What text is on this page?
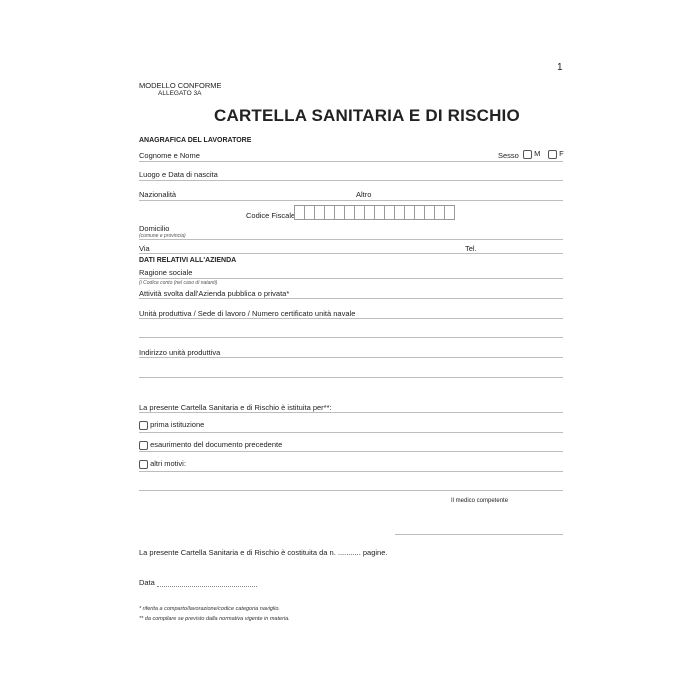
1
MODELLO CONFORME
ALLEGATO 3A
CARTELLA SANITARIA E DI RISCHIO
ANAGRAFICA DEL LAVORATORE
Cognome e Nome	Sesso	M	F
Luogo e Data di nascita
Nazionalità	Altro
Codice Fiscale
Domicilio
(comune e provincia)
Via	Tel.
DATI RELATIVI ALL'AZIENDA
Ragione sociale
(i Codice conto (nel caso di natanti)
Attività svolta dall'Azienda pubblica o privata*
Unità produttiva / Sede di lavoro / Numero certificato unità navale
Indirizzo unità produttiva
La presente Cartella Sanitaria e di Rischio è istituita per**:
prima istituzione
esaurimento del documento precedente
altri motivi:
Il medico competente
La presente Cartella Sanitaria e di Rischio è costituita da n. ........... pagine.
Data
* riferita a comparto/lavorazione/codice categoria naviglio.
** da compilare se previsto dalla normativa vigente in materia.
